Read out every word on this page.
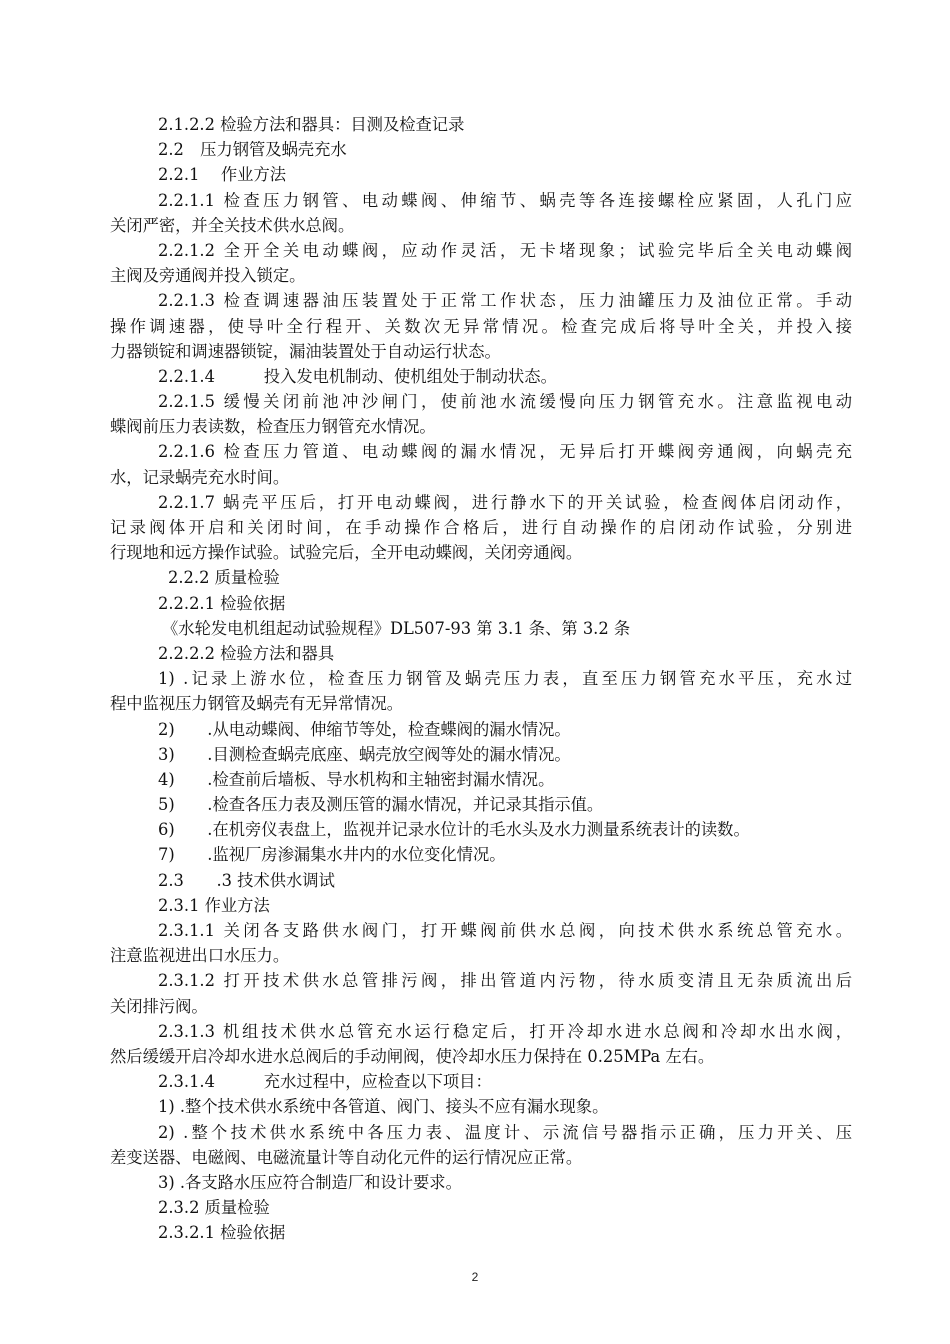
2.1.2.2 检验方法和器具：目测及检查记录
2.2　压力钢管及蜗壳充水
2.2.1　 作业方法
2.2.1.1 检查压力钢管、电动蝶阀、伸缩节、蜗壳等各连接螺栓应紧固，人孔门应
关闭严密，并全关技术供水总阀。
2.2.1.2 全开全关电动蝶阀，应动作灵活，无卡堵现象；试验完毕后全关电动蝶阀
主阀及旁通阀并投入锁定。
2.2.1.3 检查调速器油压装置处于正常工作状态，压力油罐压力及油位正常。手动
操作调速器，使导叶全行程开、关数次无异常情况。检查完成后将导叶全关，并投入接
力器锁锭和调速器锁锭，漏油装置处于自动运行状态。
2.2.1.4　　　投入发电机制动、使机组处于制动状态。
2.2.1.5 缓慢关闭前池冲沙闸门，使前池水流缓慢向压力钢管充水。注意监视电动
蝶阀前压力表读数，检查压力钢管充水情况。
2.2.1.6 检查压力管道、电动蝶阀的漏水情况，无异后打开蝶阀旁通阀，向蜗壳充
水，记录蜗壳充水时间。
2.2.1.7 蜗壳平压后，打开电动蝶阀，进行静水下的开关试验，检查阀体启闭动作，
记录阀体开启和关闭时间，在手动操作合格后，进行自动操作的启闭动作试验，分别进
行现地和远方操作试验。试验完后，全开电动蝶阀，关闭旁通阀。
2.2.2 质量检验
2.2.2.1 检验依据
《水轮发电机组起动试验规程》DL507-93 第 3.1 条、第 3.2 条
2.2.2.2 检验方法和器具
1) .记录上游水位，检查压力钢管及蜗壳压力表，直至压力钢管充水平压，充水过
程中监视压力钢管及蜗壳有无异常情况。
2)　　.从电动蝶阀、伸缩节等处，检查蝶阀的漏水情况。
3)　　.目测检查蜗壳底座、蜗壳放空阀等处的漏水情况。
4)　　.检查前后墙板、导水机构和主轴密封漏水情况。
5)　　.检查各压力表及测压管的漏水情况，并记录其指示值。
6)　　.在机旁仪表盘上，监视并记录水位计的毛水头及水力测量系统表计的读数。
7)　　.监视厂房渗漏集水井内的水位变化情况。
2.3　　.3 技术供水调试
2.3.1 作业方法
2.3.1.1 关闭各支路供水阀门，打开蝶阀前供水总阀，向技术供水系统总管充水。
注意监视进出口水压力。
2.3.1.2 打开技术供水总管排污阀，排出管道内污物，待水质变清且无杂质流出后
关闭排污阀。
2.3.1.3 机组技术供水总管充水运行稳定后，打开冷却水进水总阀和冷却水出水阀，
然后缓缓开启冷却水进水总阀后的手动闸阀，使冷却水压力保持在 0.25MPa 左右。
2.3.1.4　　　充水过程中，应检查以下项目：
1) .整个技术供水系统中各管道、阀门、接头不应有漏水现象。
2) .整个技术供水系统中各压力表、温度计、示流信号器指示正确，压力开关、压
差变送器、电磁阀、电磁流量计等自动化元件的运行情况应正常。
3) .各支路水压应符合制造厂和设计要求。
2.3.2 质量检验
2.3.2.1 检验依据
2
